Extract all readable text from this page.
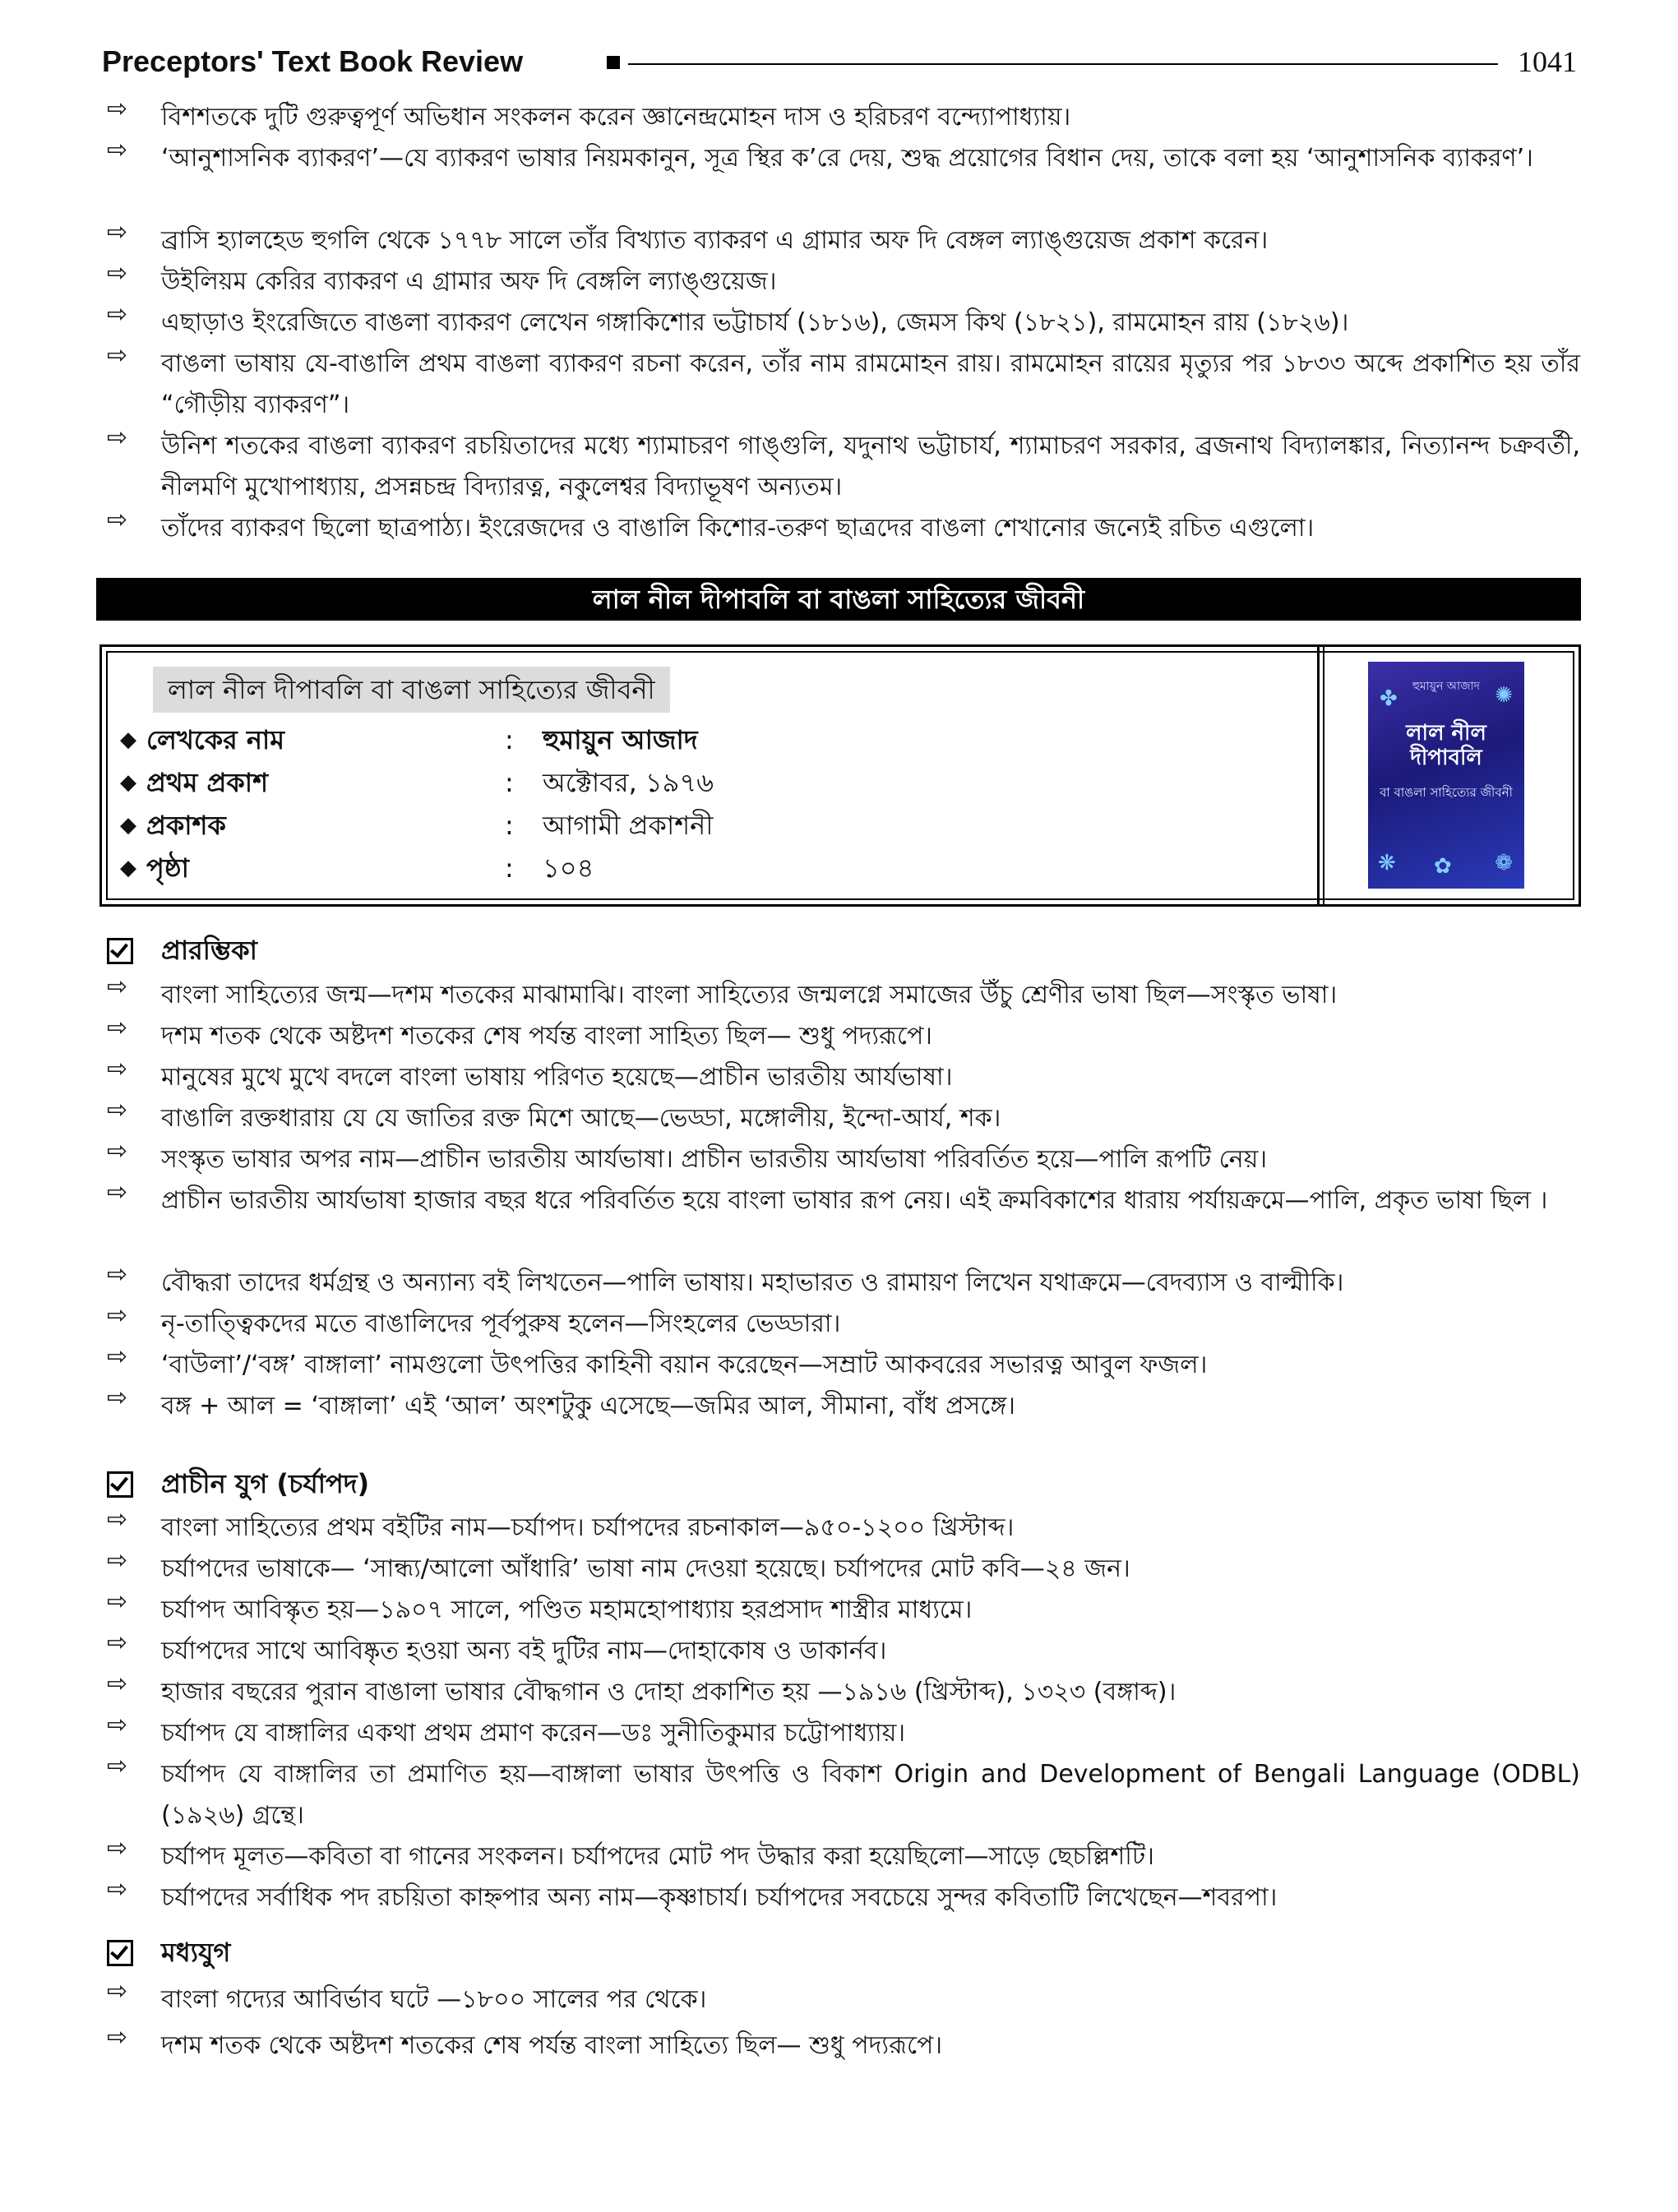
Preceptors' Text Book Review	1041
⇨ বিশশতকে দুটি গুরুত্বপূর্ণ অভিধান সংকলন করেন জ্ঞানেন্দ্রমোহন দাস ও হরিচরণ বন্দ্যোপাধ্যায়।
⇨ ‘আনুশাসনিক ব্যাকরণ’—যে ব্যাকরণ ভাষার নিয়মকানুন, সূত্র স্থির ক’রে দেয়, শুদ্ধ প্রয়োগের বিধান দেয়, তাকে বলা হয় ‘আনুশাসনিক ব্যাকরণ’।
⇨ ব্রাসি হ্যালহেড হুগলি থেকে ১৭৭৮ সালে তাঁর বিখ্যাত ব্যাকরণ এ গ্রামার অফ দি বেঙ্গল ল্যাঙ্গুয়েজ প্রকাশ করেন।
⇨ উইলিয়ম কেরির ব্যাকরণ এ গ্রামার অফ দি বেঙ্গলি ল্যাঙ্গুয়েজ।
⇨ এছাড়াও ইংরেজিতে বাঙলা ব্যাকরণ লেখেন গঙ্গাকিশোর ভট্টাচার্য (১৮১৬), জেমস কিথ (১৮২১), রামমোহন রায় (১৮২৬)।
⇨ বাঙলা ভাষায় যে-বাঙালি প্রথম বাঙলা ব্যাকরণ রচনা করেন, তাঁর নাম রামমোহন রায়। রামমোহন রায়ের মৃত্যুর পর ১৮৩৩ অব্দে প্রকাশিত হয় তাঁর “গৌড়ীয় ব্যাকরণ”।
⇨ উনিশ শতকের বাঙলা ব্যাকরণ রচয়িতাদের মধ্যে শ্যামাচরণ গাঙ্গুলি, যদুনাথ ভট্টাচার্য, শ্যামাচরণ সরকার, ব্রজনাথ বিদ্যালঙ্কার, নিত্যানন্দ চক্রবর্তী, নীলমণি মুখোপাধ্যায়, প্রসন্নচন্দ্র বিদ্যারত্ন, নকুলেশ্বর বিদ্যাভূষণ অন্যতম।
⇨ তাঁদের ব্যাকরণ ছিলো ছাত্রপাঠ্য। ইংরেজদের ও বাঙালি কিশোর-তরুণ ছাত্রদের বাঙলা শেখানোর জন্যেই রচিত এগুলো।
লাল নীল দীপাবলি বা বাঙলা সাহিত্যের জীবনী
লাল নীল দীপাবলি বা বাঙলা সাহিত্যের জীবনী
◆ লেখকের নাম	: হুমায়ুন আজাদ
◆ প্রথম প্রকাশ	: অক্টোবর, ১৯৭৬
◆ প্রকাশক	: আগামী প্রকাশনী
◆ পৃষ্ঠা	: ১০৪
✤	✺
হুমায়ুন আজাদ
লাল নীল দীপাবলি
বা বাঙলা সাহিত্যের জীবনী
❋ ✿ ❁
প্রারম্ভিকা
⇨ বাংলা সাহিত্যের জন্ম—দশম শতকের মাঝামাঝি। বাংলা সাহিত্যের জন্মলগ্নে সমাজের উঁচু শ্রেণীর ভাষা ছিল—সংস্কৃত ভাষা।
⇨ দশম শতক থেকে অষ্টদশ শতকের শেষ পর্যন্ত বাংলা সাহিত্য ছিল— শুধু পদ্যরূপে।
⇨ মানুষের মুখে মুখে বদলে বাংলা ভাষায় পরিণত হয়েছে—প্রাচীন ভারতীয় আর্যভাষা।
⇨ বাঙালি রক্তধারায় যে যে জাতির রক্ত মিশে আছে—ভেড্ডা, মঙ্গোলীয়, ইন্দো-আর্য, শক।
⇨ সংস্কৃত ভাষার অপর নাম—প্রাচীন ভারতীয় আর্যভাষা। প্রাচীন ভারতীয় আর্যভাষা পরিবর্তিত হয়ে—পালি রূপটি নেয়।
⇨ প্রাচীন ভারতীয় আর্যভাষা হাজার বছর ধরে পরিবর্তিত হয়ে বাংলা ভাষার রূপ নেয়। এই ক্রমবিকাশের ধারায় পর্যায়ক্রমে—পালি, প্রকৃত ভাষা ছিল ।
⇨ বৌদ্ধরা তাদের ধর্মগ্রন্থ ও অন্যান্য বই লিখতেন—পালি ভাষায়। মহাভারত ও রামায়ণ লিখেন যথাক্রমে—বেদব্যাস ও বাল্মীকি।
⇨ নৃ-তাত্ত্বিকদের মতে বাঙালিদের পূর্বপুরুষ হলেন—সিংহলের ভেড্ডারা।
⇨ ‘বাউলা’/‘বঙ্গ’ বাঙ্গালা’ নামগুলো উৎপত্তির কাহিনী বয়ান করেছেন—সম্রাট আকবরের সভারত্ন আবুল ফজল।
⇨ বঙ্গ + আল = ‘বাঙ্গালা’ এই ‘আল’ অংশটুকু এসেছে—জমির আল, সীমানা, বাঁধ প্রসঙ্গে।
প্রাচীন যুগ (চর্যাপদ)
⇨ বাংলা সাহিত্যের প্রথম বইটির নাম—চর্যাপদ। চর্যাপদের রচনাকাল—৯৫০-১২০০ খ্রিস্টাব্দ।
⇨ চর্যাপদের ভাষাকে— ‘সান্ধ্য/আলো আঁধারি’ ভাষা নাম দেওয়া হয়েছে। চর্যাপদের মোট কবি—২৪ জন।
⇨ চর্যাপদ আবিস্কৃত হয়—১৯০৭ সালে, পণ্ডিত মহামহোপাধ্যায় হরপ্রসাদ শাস্ত্রীর মাধ্যমে।
⇨ চর্যাপদের সাথে আবিষ্কৃত হওয়া অন্য বই দুটির নাম—দোহাকোষ ও ডাকার্নব।
⇨ হাজার বছরের পুরান বাঙালা ভাষার বৌদ্ধগান ও দোহা প্রকাশিত হয় —১৯১৬ (খ্রিস্টাব্দ), ১৩২৩ (বঙ্গাব্দ)।
⇨ চর্যাপদ যে বাঙ্গালির একথা প্রথম প্রমাণ করেন—ডঃ সুনীতিকুমার চট্টোপাধ্যায়।
⇨ চর্যাপদ যে বাঙ্গালির তা প্রমাণিত হয়—বাঙ্গালা ভাষার উৎপত্তি ও বিকাশ Origin and Development of Bengali Language (ODBL) (১৯২৬) গ্রন্থে।
⇨ চর্যাপদ মূলত—কবিতা বা গানের সংকলন। চর্যাপদের মোট পদ উদ্ধার করা হয়েছিলো—সাড়ে ছেচল্লিশটি।
⇨ চর্যাপদের সর্বাধিক পদ রচয়িতা কাহ্নপার অন্য নাম—কৃষ্ণাচার্য। চর্যাপদের সবচেয়ে সুন্দর কবিতাটি লিখেছেন—শবরপা।
মধ্যযুগ
⇨ বাংলা গদ্যের আবির্ভাব ঘটে —১৮০০ সালের পর থেকে।
⇨ দশম শতক থেকে অষ্টদশ শতকের শেষ পর্যন্ত বাংলা সাহিত্যে ছিল— শুধু পদ্যরূপে।
